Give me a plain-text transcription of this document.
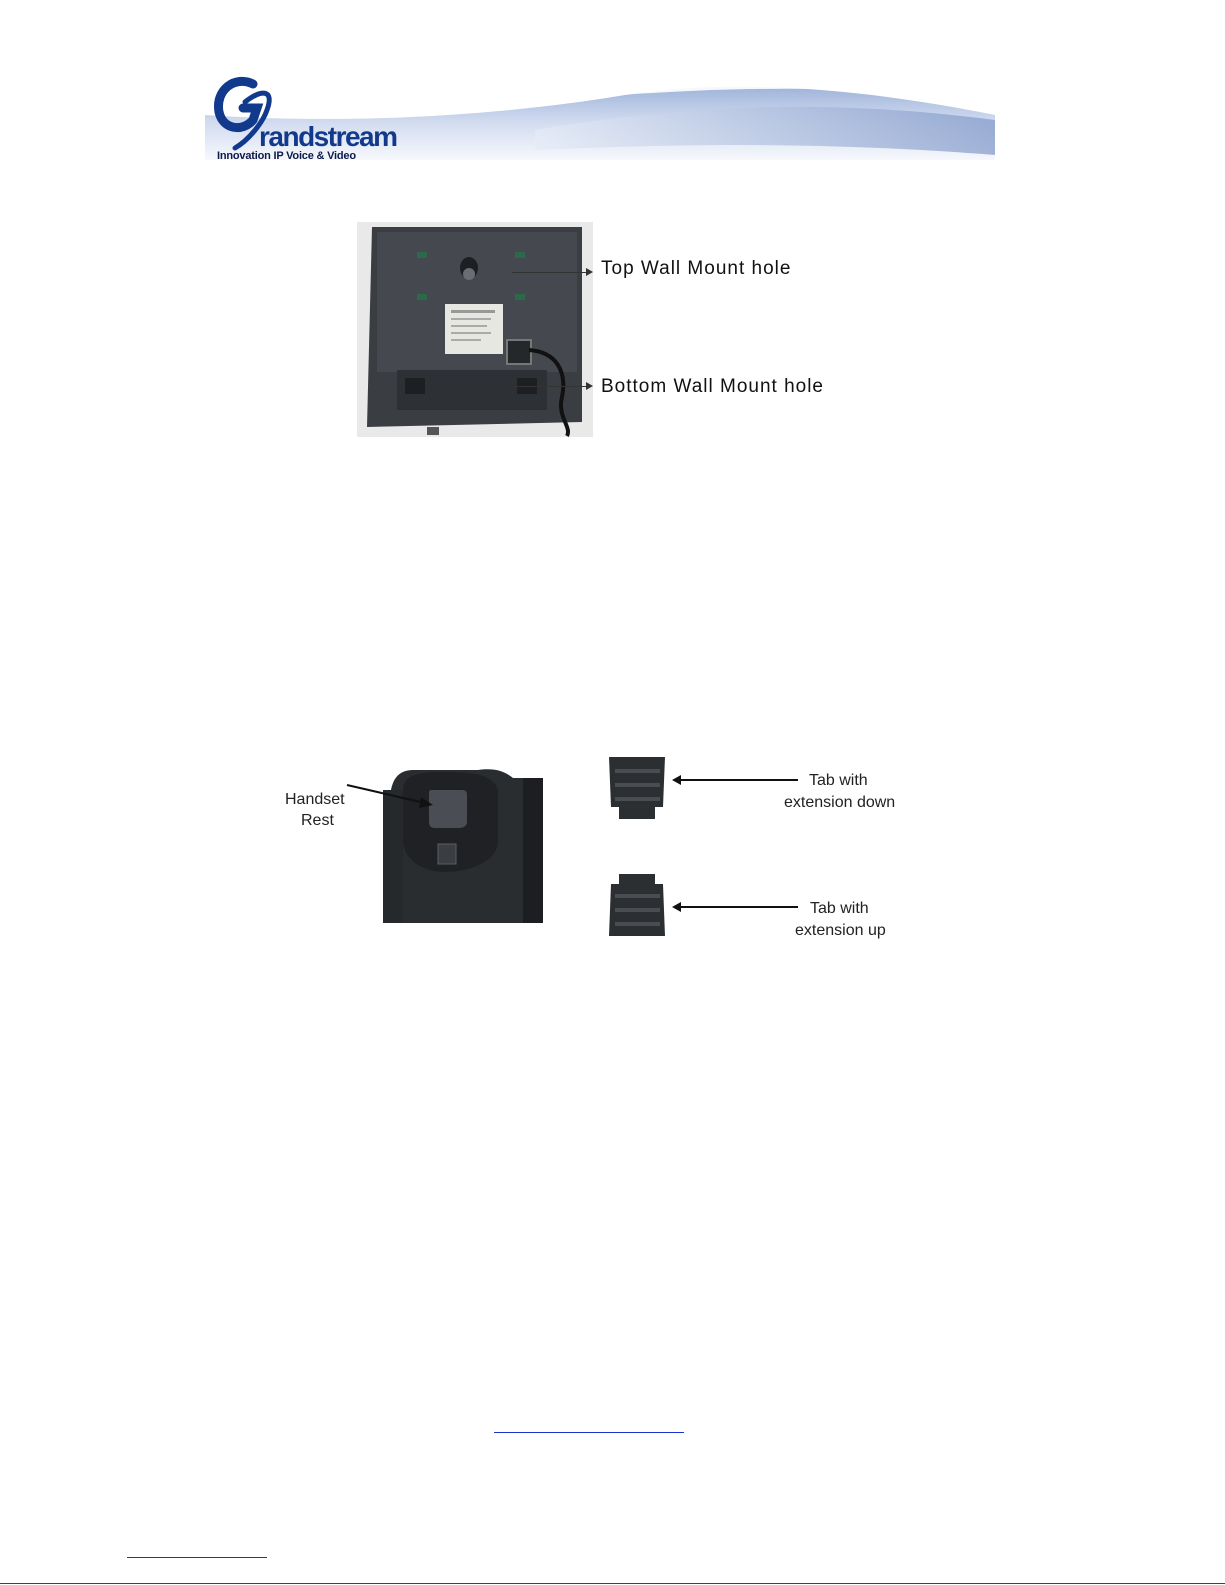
randstream
Innovation IP Voice & Video
Top Wall Mount hole
Bottom Wall Mount hole
Handset
Rest
Tab with
extension down
Tab with
extension up
